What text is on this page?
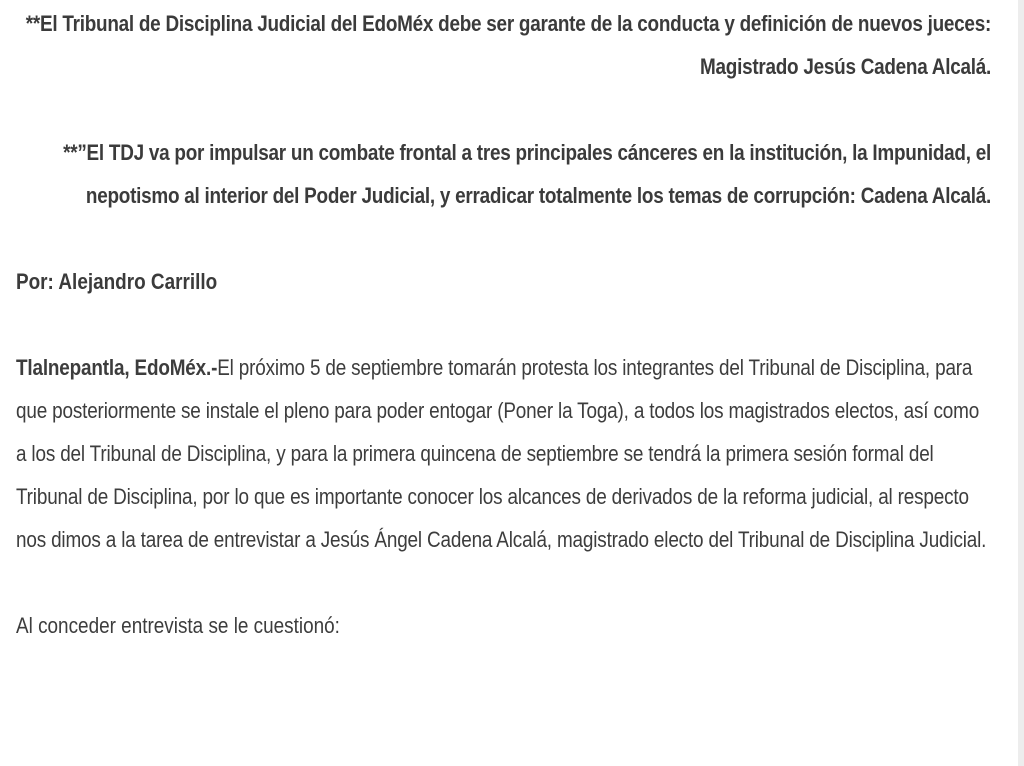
**El Tribunal de Disciplina Judicial del EdoMéx debe ser garante de la conducta y definición de nuevos jueces: Magistrado Jesús Cadena Alcalá.
**”El TDJ va por impulsar un combate frontal a tres principales cánceres en la institución, la Impunidad, el nepotismo al interior del Poder Judicial, y erradicar totalmente los temas de corrupción: Cadena Alcalá.
Por: Alejandro Carrillo
Tlalnepantla, EdoMéx.-El próximo 5 de septiembre tomarán protesta los integrantes del Tribunal de Disciplina, para que posteriormente se instale el pleno para poder entogar (Poner la Toga), a todos los magistrados electos, así como a los del Tribunal de Disciplina, y para la primera quincena de septiembre se tendrá la primera sesión formal del Tribunal de Disciplina, por lo que es importante conocer los alcances de derivados de la reforma judicial, al respecto nos dimos a la tarea de entrevistar a Jesús Ángel Cadena Alcalá, magistrado electo del Tribunal de Disciplina Judicial.
Al conceder entrevista se le cuestionó:
